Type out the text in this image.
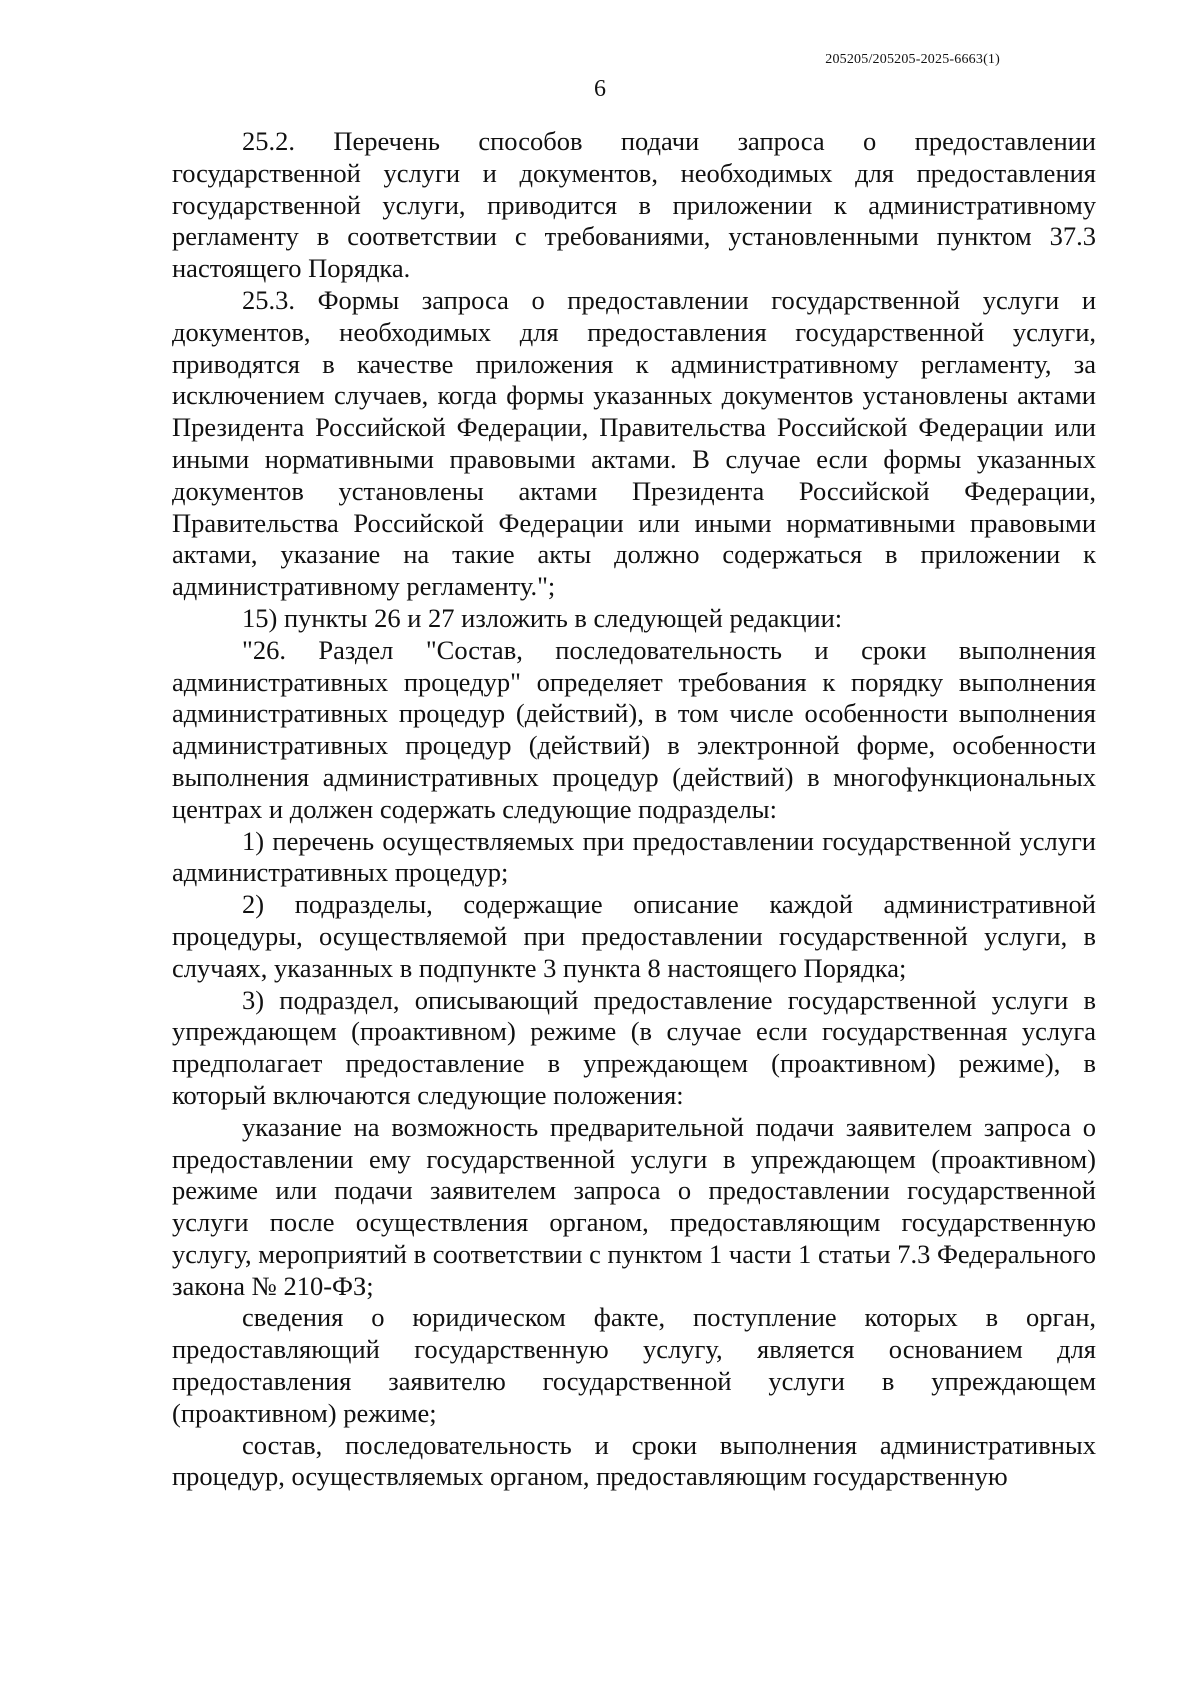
205205/205205-2025-6663(1)
6

25.2. Перечень способов подачи запроса о предоставлении государственной услуги и документов, необходимых для предоставления государственной услуги, приводится в приложении к административному регламенту в соответствии с требованиями, установленными пунктом 37.3 настоящего Порядка.

25.3. Формы запроса о предоставлении государственной услуги и документов, необходимых для предоставления государственной услуги, приводятся в качестве приложения к административному регламенту, за исключением случаев, когда формы указанных документов установлены актами Президента Российской Федерации, Правительства Российской Федерации или иными нормативными правовыми актами. В случае если формы указанных документов установлены актами Президента Российской Федерации, Правительства Российской Федерации или иными нормативными правовыми актами, указание на такие акты должно содержаться в приложении к административному регламенту.";

15) пункты 26 и 27 изложить в следующей редакции:

"26. Раздел "Состав, последовательность и сроки выполнения административных процедур" определяет требования к порядку выполнения административных процедур (действий), в том числе особенности выполнения административных процедур (действий) в электронной форме, особенности выполнения административных процедур (действий) в многофункциональных центрах и должен содержать следующие подразделы:

1) перечень осуществляемых при предоставлении государственной услуги административных процедур;

2) подразделы, содержащие описание каждой административной процедуры, осуществляемой при предоставлении государственной услуги, в случаях, указанных в подпункте 3 пункта 8 настоящего Порядка;

3) подраздел, описывающий предоставление государственной услуги в упреждающем (проактивном) режиме (в случае если государственная услуга предполагает предоставление в упреждающем (проактивном) режиме), в который включаются следующие положения:

указание на возможность предварительной подачи заявителем запроса о предоставлении ему государственной услуги в упреждающем (проактивном) режиме или подачи заявителем запроса о предоставлении государственной услуги после осуществления органом, предоставляющим государственную услугу, мероприятий в соответствии с пунктом 1 части 1 статьи 7.3 Федерального закона № 210-ФЗ;

сведения о юридическом факте, поступление которых в орган, предоставляющий государственную услугу, является основанием для предоставления заявителю государственной услуги в упреждающем (проактивном) режиме;

состав, последовательность и сроки выполнения административных процедур, осуществляемых органом, предоставляющим государственную
